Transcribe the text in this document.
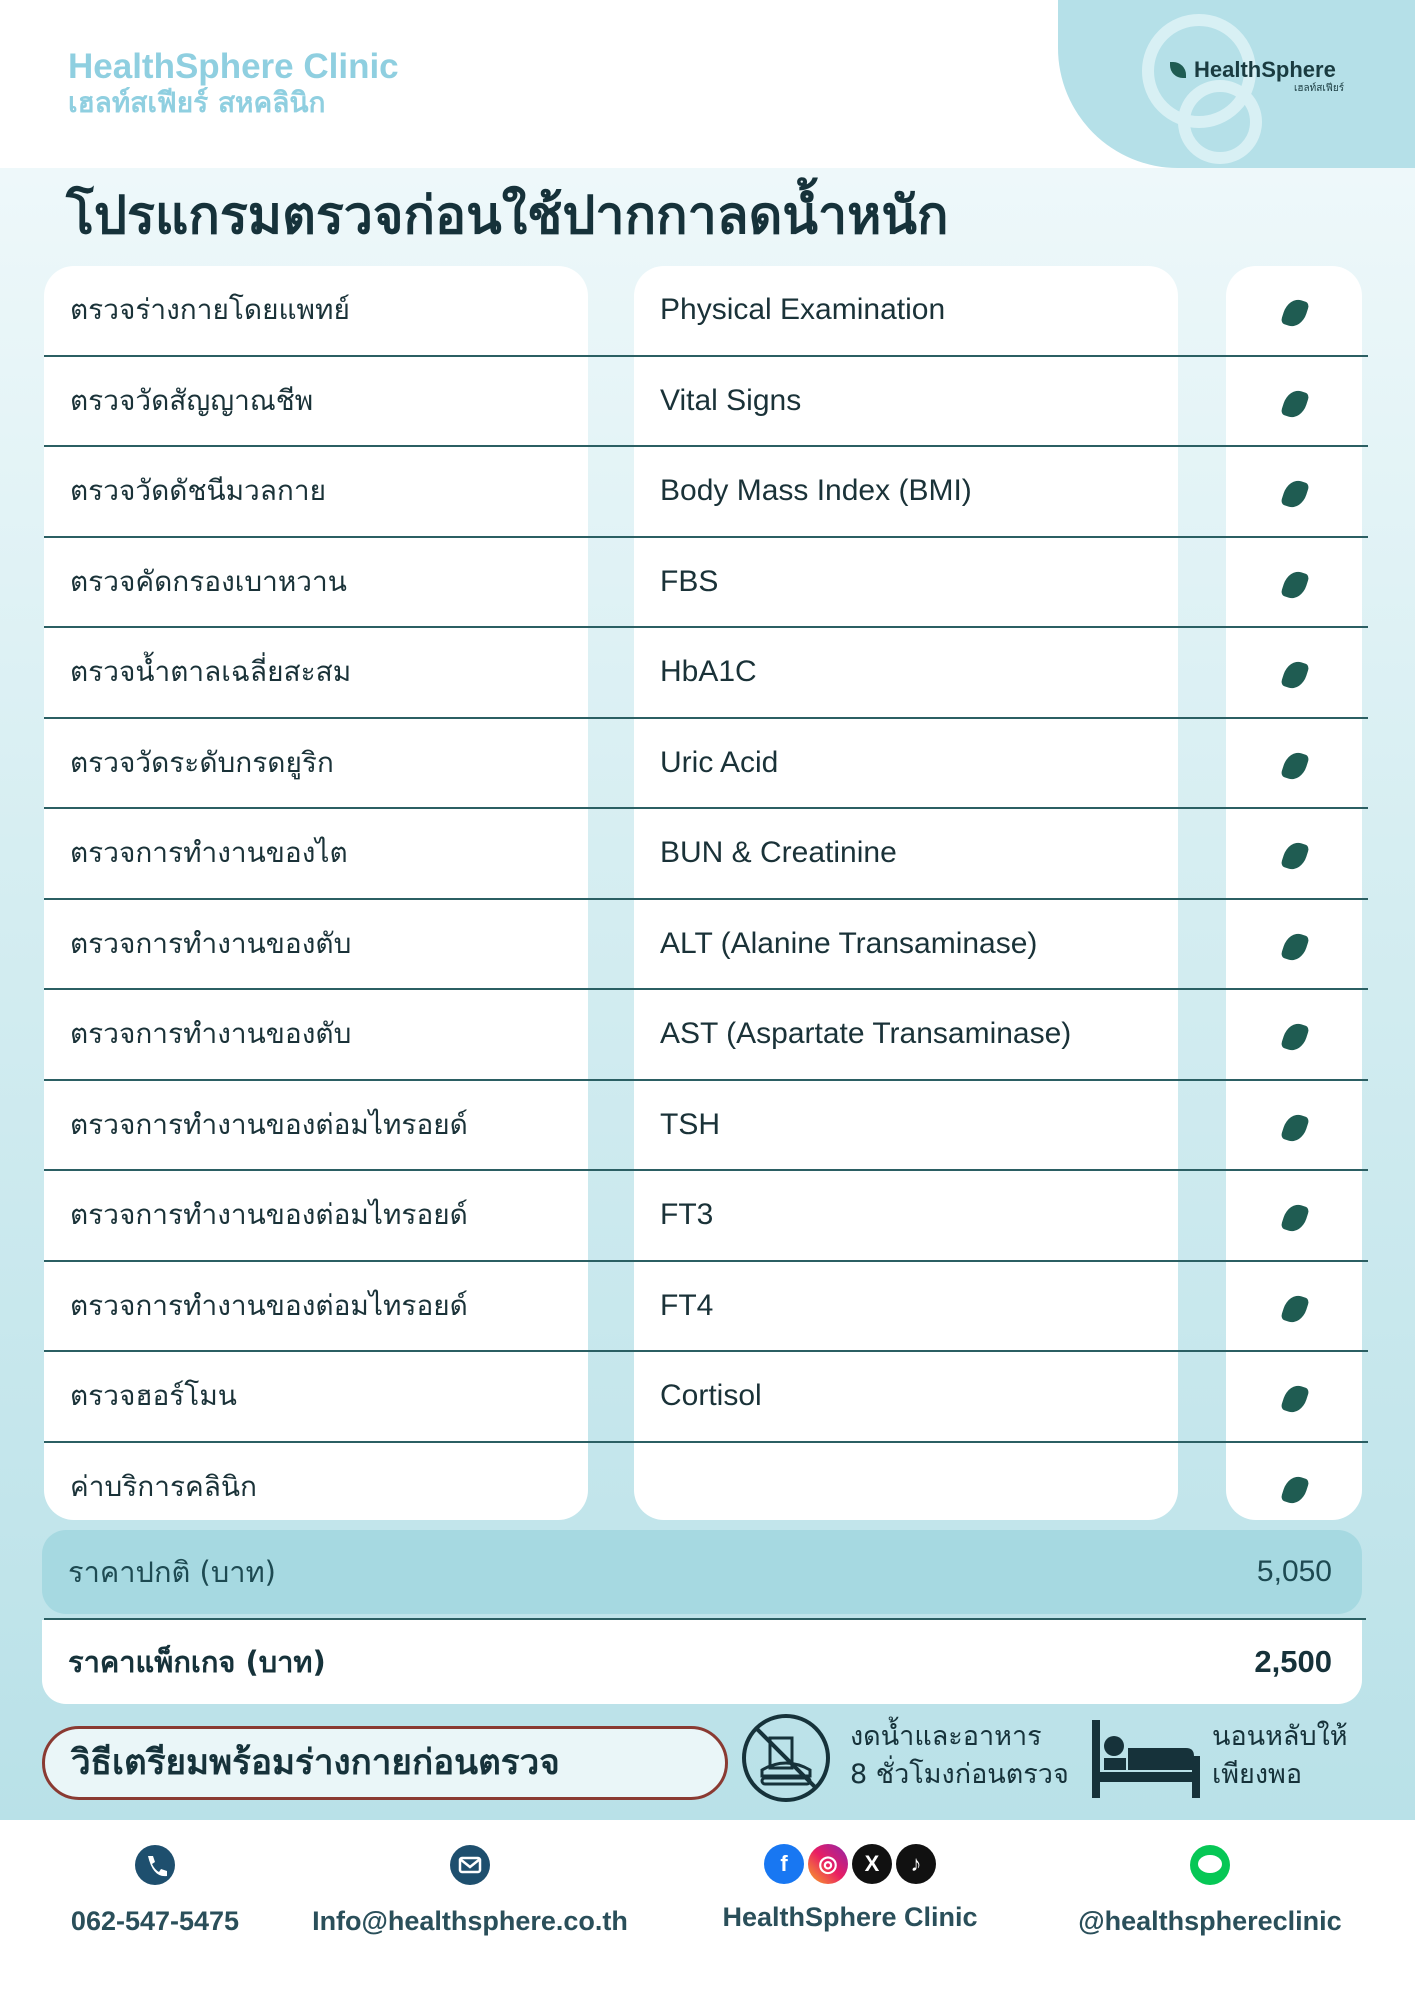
HealthSphere Clinic
เฮลท์สเฟียร์ สหคลินิก
HealthSphere
เฮลท์สเฟียร์
โปรแกรมตรวจก่อนใช้ปากกาลดน้ำหนัก
ตรวจร่างกายโดยแพทย์	Physical Examination
ตรวจวัดสัญญาณชีพ	Vital Signs
ตรวจวัดดัชนีมวลกาย	Body Mass Index (BMI)
ตรวจคัดกรองเบาหวาน	FBS
ตรวจน้ำตาลเฉลี่ยสะสม	HbA1C
ตรวจวัดระดับกรดยูริก	Uric Acid
ตรวจการทำงานของไต	BUN & Creatinine
ตรวจการทำงานของตับ	ALT (Alanine Transaminase)
ตรวจการทำงานของตับ	AST (Aspartate Transaminase)
ตรวจการทำงานของต่อมไทรอยด์	TSH
ตรวจการทำงานของต่อมไทรอยด์	FT3
ตรวจการทำงานของต่อมไทรอยด์	FT4
ตรวจฮอร์โมน	Cortisol
ค่าบริการคลินิก
ราคาปกติ (บาท)	5,050
ราคาแพ็กเกจ (บาท)	2,500
วิธีเตรียมพร้อมร่างกายก่อนตรวจ
งดน้ำและอาหาร
8 ชั่วโมงก่อนตรวจ
นอนหลับให้
เพียงพอ
062-547-5475	Info@healthsphere.co.th
f	◎	X	♪
HealthSphere Clinic	@healthsphereclinic
